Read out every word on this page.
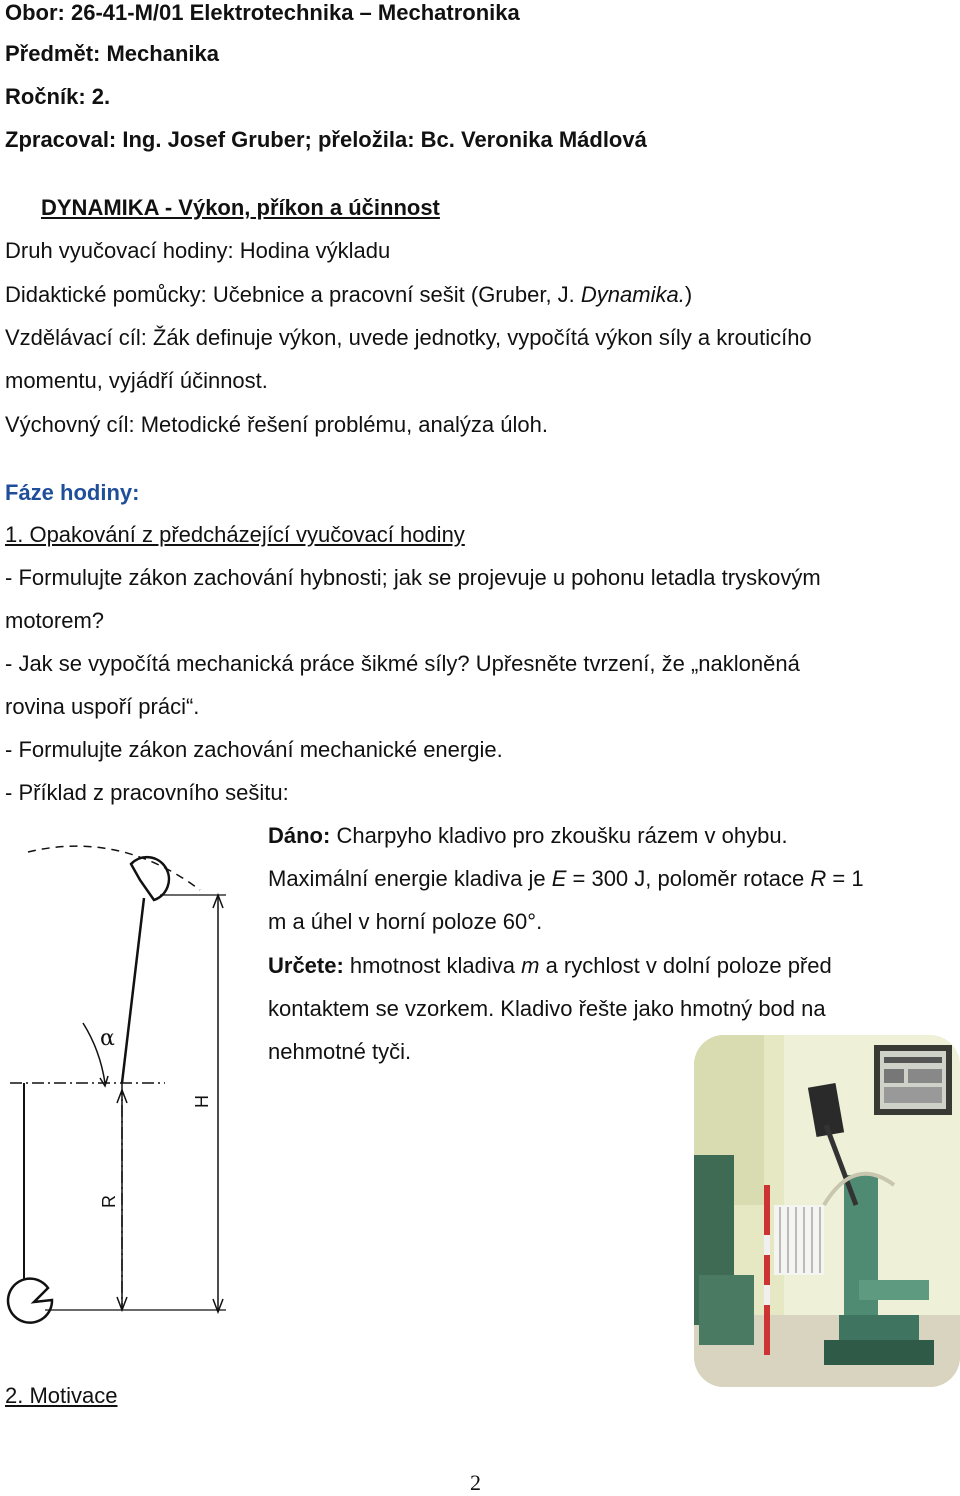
Obor: 26-41-M/01 Elektrotechnika – Mechatronika
Předmět: Mechanika
Ročník: 2.
Zpracoval: Ing. Josef Gruber; přeložila: Bc. Veronika Mádlová
DYNAMIKA - Výkon, příkon a účinnost
Druh vyučovací hodiny: Hodina výkladu
Didaktické pomůcky: Učebnice a pracovní sešit (Gruber, J. Dynamika.)
Vzdělávací cíl: Žák definuje výkon, uvede jednotky, vypočítá výkon síly a krouticího
momentu, vyjádří účinnost.
Výchovný cíl: Metodické řešení problému, analýza úloh.
Fáze hodiny:
1. Opakování z předcházející vyučovací hodiny
- Formulujte zákon zachování hybnosti; jak se projevuje u pohonu letadla tryskovým
motorem?
- Jak se vypočítá mechanická práce šikmé síly? Upřesněte tvrzení, že „nakloněná
rovina uspoří práci“.
- Formulujte zákon zachování mechanické energie.
- Příklad z pracovního sešitu:
Dáno: Charpyho kladivo pro zkoušku rázem v ohybu.
Maximální energie kladiva je E = 300 J, poloměr rotace R = 1
m a úhel v horní poloze 60°.
Určete: hmotnost kladiva m a rychlost v dolní poloze před
kontaktem se vzorkem. Kladivo řešte jako hmotný bod na
nehmotné tyči.
α
H
R
2. Motivace
2
